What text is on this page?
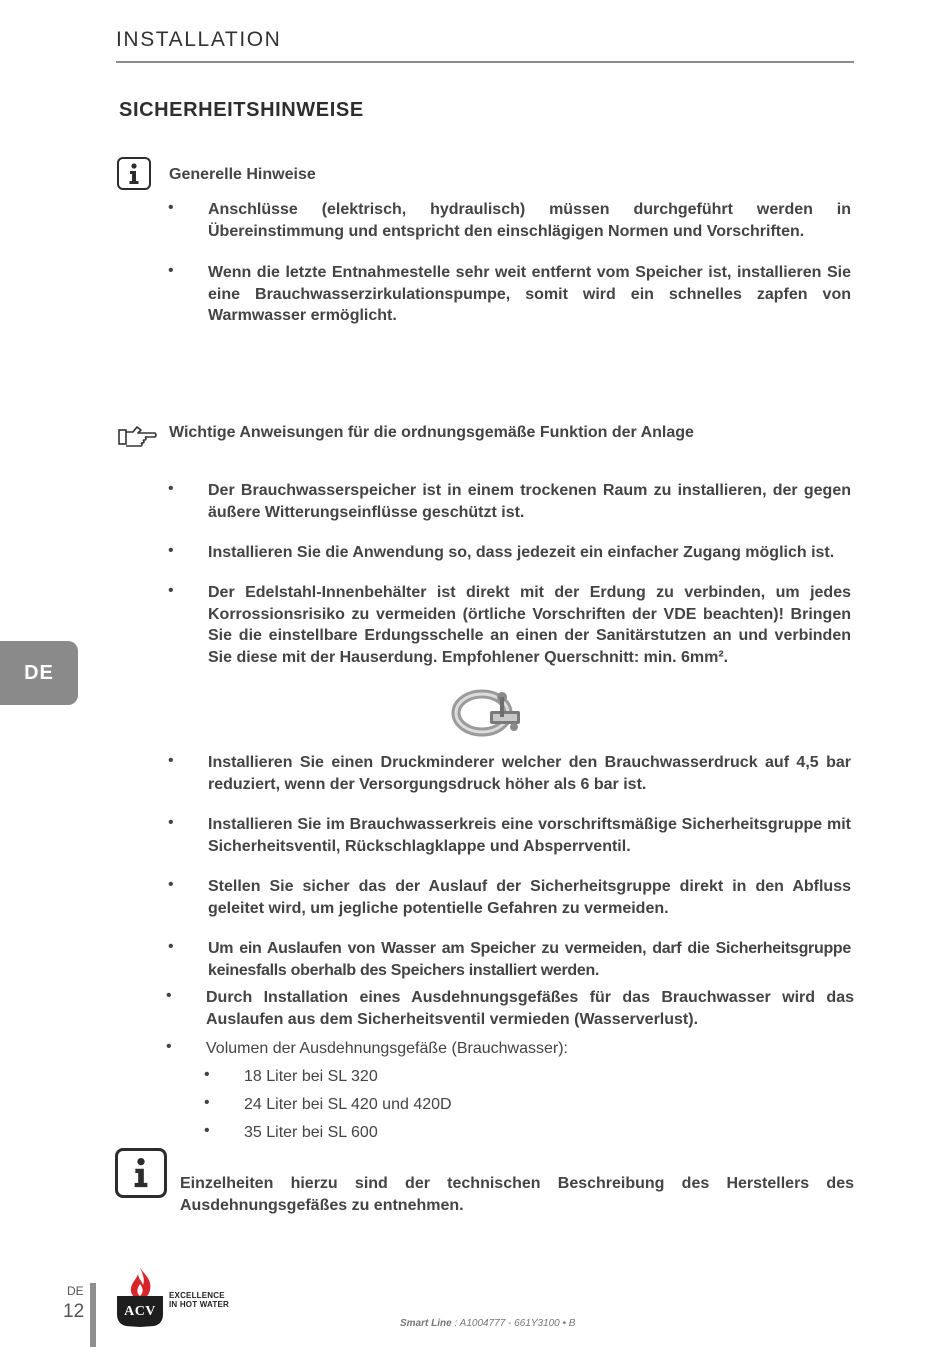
INSTALLATION
SICHERHEITSHINWEISE
Generelle Hinweise
• Anschlüsse (elektrisch, hydraulisch) müssen durchgeführt werden in Übereinstimmung und entspricht den einschlägigen Normen und Vorschriften.
• Wenn die letzte Entnahmestelle sehr weit entfernt vom Speicher ist, installieren Sie eine Brauchwasserzirkulationspumpe, somit wird ein schnelles zapfen von Warmwasser ermöglicht.
Wichtige Anweisungen für die ordnungsgemäße Funktion der Anlage
• Der Brauchwasserspeicher ist in einem trockenen Raum zu installieren, der gegen äußere Witterungseinflüsse geschützt ist.
• Installieren Sie die Anwendung so, dass jedezeit ein einfacher Zugang möglich ist.
• Der Edelstahl-Innenbehälter ist direkt mit der Erdung zu verbinden, um jedes Korrossionsrisiko zu vermeiden (örtliche Vorschriften der VDE beachten)! Bringen Sie die einstellbare Erdungsschelle an einen der Sanitärstutzen an und verbinden Sie diese mit der Hauserdung. Empfohlener Querschnitt: min. 6mm².
• Installieren Sie einen Druckminderer welcher den Brauchwasserdruck auf 4,5 bar reduziert, wenn der Versorgungsdruck höher als 6 bar ist.
• Installieren Sie im Brauchwasserkreis eine vorschriftsmäßige Sicherheitsgruppe mit Sicherheitsventil, Rückschlagklappe und Absperrventil.
• Stellen Sie sicher das der Auslauf der Sicherheitsgruppe direkt in den Abfluss geleitet wird, um jegliche potentielle Gefahren zu vermeiden.
• Um ein Auslaufen von Wasser am Speicher zu vermeiden, darf die Sicherheitsgruppe keinesfalls oberhalb des Speichers installiert werden.
• Durch Installation eines Ausdehnungsgefäßes für das Brauchwasser wird das Auslaufen aus dem Sicherheitsventil vermieden (Wasserverlust).
• Volumen der Ausdehnungsgefäße (Brauchwasser):
• 18 Liter bei SL 320
• 24 Liter bei SL 420 und 420D
• 35 Liter bei SL 600
Einzelheiten hierzu sind der technischen Beschreibung des Herstellers des Ausdehnungsgefäßes zu entnehmen.
DE
DE
12	ACV
EXCELLENCE
IN HOT WATER
Smart Line : A1004777 - 661Y3100 • B
